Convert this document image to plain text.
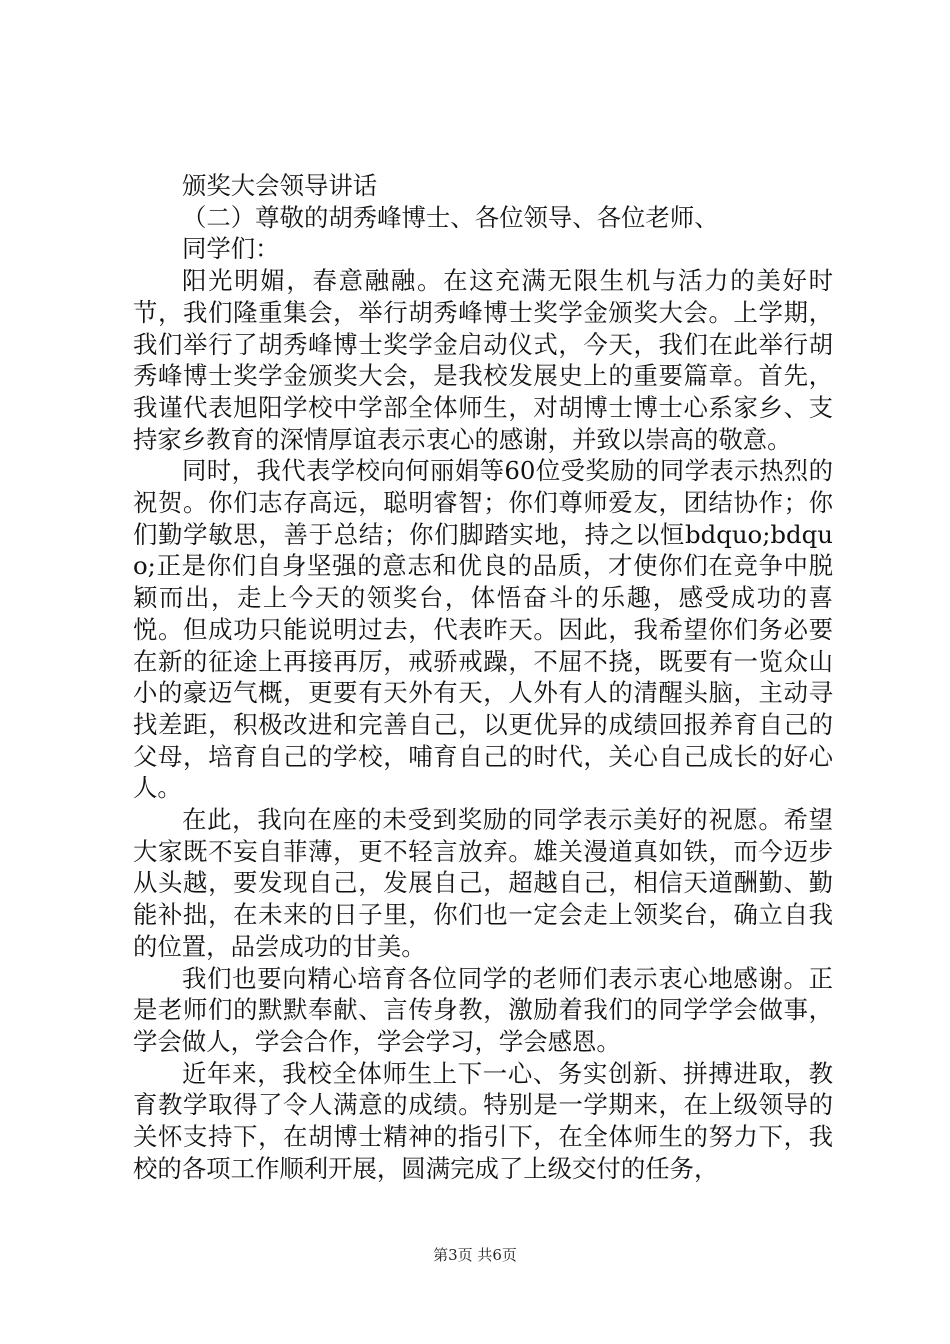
颁奖大会领导讲话

（二）尊敬的胡秀峰博士、各位领导、各位老师、

同学们：

阳光明媚，春意融融。在这充满无限生机与活力的美好时节，我们隆重集会，举行胡秀峰博士奖学金颁奖大会。上学期，我们举行了胡秀峰博士奖学金启动仪式，今天，我们在此举行胡秀峰博士奖学金颁奖大会，是我校发展史上的重要篇章。首先，我谨代表旭阳学校中学部全体师生，对胡博士博士心系家乡、支持家乡教育的深情厚谊表示衷心的感谢，并致以崇高的敬意。

同时，我代表学校向何丽娟等60位受奖励的同学表示热烈的祝贺。你们志存高远，聪明睿智；你们尊师爱友，团结协作；你们勤学敏思，善于总结；你们脚踏实地，持之以恒bdquo;bdquo;正是你们自身坚强的意志和优良的品质，才使你们在竞争中脱颖而出，走上今天的领奖台，体悟奋斗的乐趣，感受成功的喜悦。但成功只能说明过去，代表昨天。因此，我希望你们务必要在新的征途上再接再厉，戒骄戒躁，不屈不挠，既要有一览众山小的豪迈气概，更要有天外有天，人外有人的清醒头脑，主动寻找差距，积极改进和完善自己，以更优异的成绩回报养育自己的父母，培育自己的学校，哺育自己的时代，关心自己成长的好心人。

在此，我向在座的未受到奖励的同学表示美好的祝愿。希望大家既不妄自菲薄，更不轻言放弃。雄关漫道真如铁，而今迈步从头越，要发现自己，发展自己，超越自己，相信天道酬勤、勤能补拙，在未来的日子里，你们也一定会走上领奖台，确立自我的位置，品尝成功的甘美。

我们也要向精心培育各位同学的老师们表示衷心地感谢。正是老师们的默默奉献、言传身教，激励着我们的同学学会做事，学会做人，学会合作，学会学习，学会感恩。

近年来，我校全体师生上下一心、务实创新、拼搏进取，教育教学取得了令人满意的成绩。特别是一学期来，在上级领导的关怀支持下，在胡博士精神的指引下，在全体师生的努力下，我校的各项工作顺利开展，圆满完成了上级交付的任务，

第3页 共6页
